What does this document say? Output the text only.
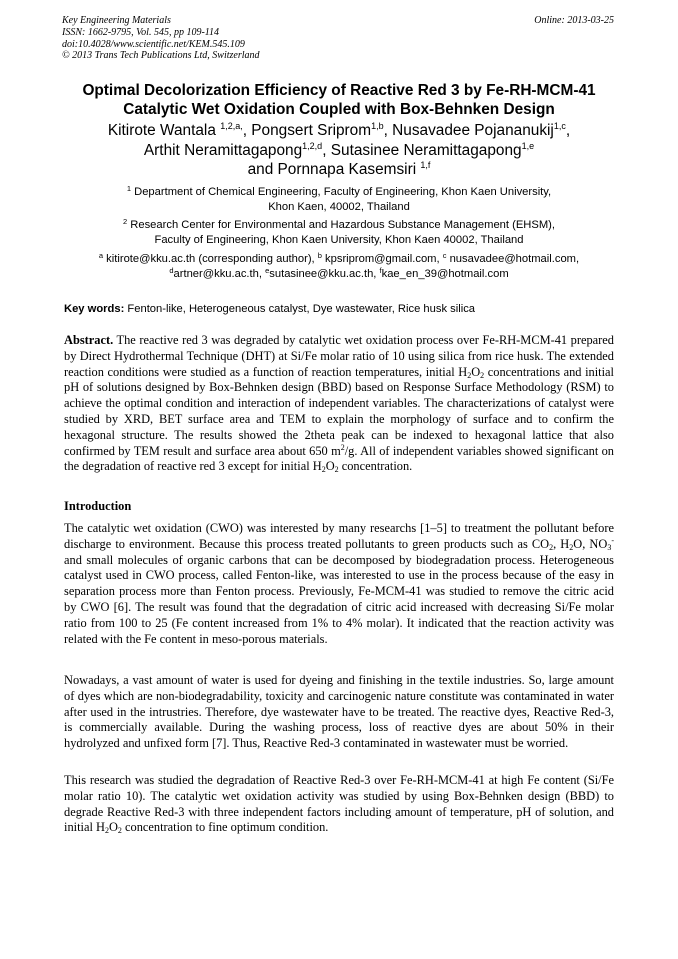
Key Engineering Materials
ISSN: 1662-9795, Vol. 545, pp 109-114
doi:10.4028/www.scientific.net/KEM.545.109
© 2013 Trans Tech Publications Ltd, Switzerland
Online: 2013-03-25
Optimal Decolorization Efficiency of Reactive Red 3 by Fe-RH-MCM-41
Catalytic Wet Oxidation Coupled with Box-Behnken Design
Kitirote Wantala $^{1,2,a,}$, Pongsert Sriprom$^{1,b}$, Nusavadee Pojananukij$^{1,c}$,
Arthit Neramittagapong$^{1,2,d}$, Sutasinee Neramittagapong$^{1,e}$
and Pornnapa Kasemsiri $^{1,f}$
$^1$ Department of Chemical Engineering, Faculty of Engineering, Khon Kaen University,
Khon Kaen, 40002, Thailand
$^2$ Research Center for Environmental and Hazardous Substance Management (EHSM),
Faculty of Engineering, Khon Kaen University, Khon Kaen 40002, Thailand
$^a$ kitirote@kku.ac.th (corresponding author), $^b$ kpsriprom@gmail.com, $^c$ nusavadee@hotmail.com,
$^d$artner@kku.ac.th, $^e$sutasinee@kku.ac.th, $^f$kae_en_39@hotmail.com
Key words: Fenton-like, Heterogeneous catalyst, Dye wastewater, Rice husk silica
Abstract. The reactive red 3 was degraded by catalytic wet oxidation process over Fe-RH-MCM-41 prepared by Direct Hydrothermal Technique (DHT) at Si/Fe molar ratio of 10 using silica from rice husk. The extended reaction conditions were studied as a function of reaction temperatures, initial $H_2O_2$ concentrations and initial pH of solutions designed by Box-Behnken design (BBD) based on Response Surface Methodology (RSM) to achieve the optimal condition and interaction of independent variables. The characterizations of catalyst were studied by XRD, BET surface area and TEM to explain the morphology of surface and to confirm the hexagonal structure. The results showed the 2theta peak can be indexed to hexagonal lattice that also confirmed by TEM result and surface area about 650 $m^2/g$. All of independent variables showed significant on the degradation of reactive red 3 except for initial $H_2O_2$ concentration.
Introduction
The catalytic wet oxidation (CWO) was interested by many researchs [1–5] to treatment the pollutant before discharge to environment. Because this process treated pollutants to green products such as $CO_2$, $H_2O$, $NO_3^-$ and small molecules of organic carbons that can be decomposed by biodegradation process. Heterogeneous catalyst used in CWO process, called Fenton-like, was interested to use in the process because of the easy in separation process more than Fenton process. Previously, Fe-MCM-41 was studied to remove the citric acid by CWO [6]. The result was found that the degradation of citric acid increased with decreasing Si/Fe molar ratio from 100 to 25 (Fe content increased from 1% to 4% molar). It indicated that the reaction activity was related with the Fe content in meso-porous materials.
Nowadays, a vast amount of water is used for dyeing and finishing in the textile industries. So, large amount of dyes which are non-biodegradability, toxicity and carcinogenic nature constitute was contaminated in water after used in the intrustries. Therefore, dye wastewater have to be treated. The reactive dyes, Reactive Red-3, is commercially available. During the washing process, loss of reactive dyes are about 50% in their hydrolyzed and unfixed form [7]. Thus, Reactive Red-3 contaminated in wastewater must be worried.
This research was studied the degradation of Reactive Red-3 over Fe-RH-MCM-41 at high Fe content (Si/Fe molar ratio 10). The catalytic wet oxidation activity was studied by using Box-Behnken design (BBD) to degrade Reactive Red-3 with three independent factors including amount of temperature, pH of solution, and initial $H_2O_2$ concentration to fine optimum condition.
